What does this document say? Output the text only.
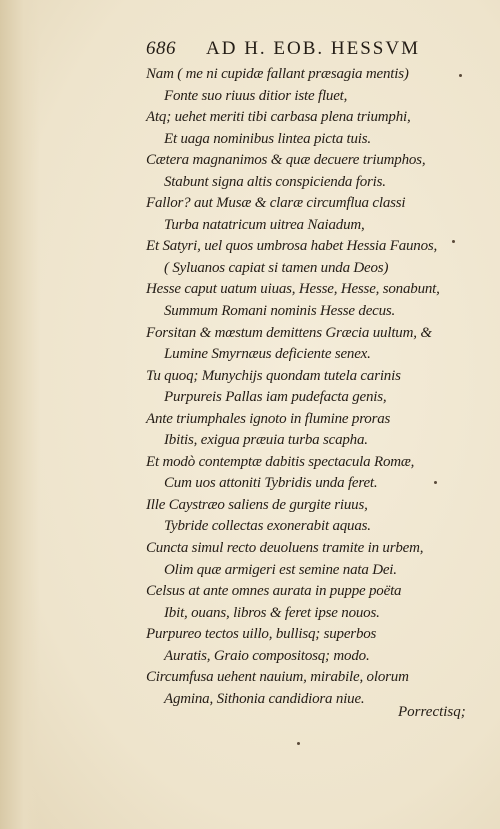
686 AD H. EOB. HESSVM
Nam ( me ni cupidæ fallant præsagia mentis)
Fonte suo riuus ditior iste fluet,
Atq; uehet meriti tibi carbasa plena triumphi,
Et uaga nominibus lintea picta tuis.
Cætera magnanimos & quæ decuere triumphos,
Stabunt signa altis conspicienda foris.
Fallor? aut Musæ & claræ circumflua classi
Turba natatricum uitrea Naiadum,
Et Satyri, uel quos umbrosa habet Hessia Faunos,
( Syluanos capiat si tamen unda Deos)
Hesse caput uatum uiuas, Hesse, Hesse, sonabunt,
Summum Romani nominis Hesse decus.
Forsitan & mœstum demittens Græcia uultum, &
Lumine Smyrnæus deficiente senex.
Tu quoq; Munychijs quondam tutela carinis
Purpureis Pallas iam pudefacta genis,
Ante triumphales ignoto in flumine proras
Ibitis, exigua præuia turba scapha.
Et modò contemptæ dabitis spectacula Romæ,
Cum uos attoniti Tybridis unda feret.
Ille Caystræo saliens de gurgite riuus,
Tybride collectas exonerabit aquas.
Cuncta simul recto deuoluens tramite in urbem,
Olim quæ armigeri est semine nata Dei.
Celsus at ante omnes aurata in puppe poëta
Ibit, ouans, libros & feret ipse nouos.
Purpureo tectos uillo, bullisq; superbos
Auratis, Graio compositosq; modo.
Circumfusa uehent nauium, mirabile, olorum
Agmina, Sithonia candidiora niue.
Porrectisq;
